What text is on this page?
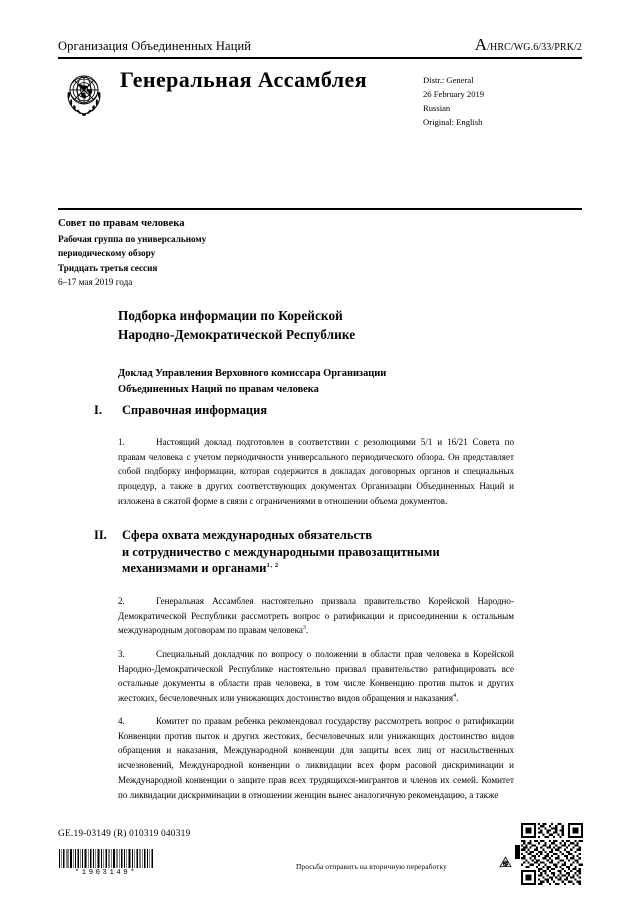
Организация Объединенных Наций	A/HRC/WG.6/33/PRK/2
Генеральная Ассамблея	Distr.: General
26 February 2019
Russian
Original: English
Совет по правам человека
Рабочая группа по универсальному
периодическому обзору
Тридцать третья сессия
6–17 мая 2019 года
Подборка информации по Корейской
Народно-Демократической Республике
Доклад Управления Верховного комиссара Организации
Объединенных Наций по правам человека
I.	Справочная информация
1.	Настоящий доклад подготовлен в соответствии с резолюциями 5/1 и 16/21 Совета по правам человека с учетом периодичности универсального периодического обзора. Он представляет собой подборку информации, которая содержится в докладах договорных органов и специальных процедур, а также в других соответствующих документах Организации Объединенных Наций и изложена в сжатой форме в связи с ограничениями в отношении объема документов.
II.	Сфера охвата международных обязательств
и сотрудничество с международными правозащитными
механизмами и органами$^{1, 2}$
2.	Генеральная Ассамблея настоятельно призвала правительство Корейской Народно-Демократической Республики рассмотреть вопрос о ратификации и присоединении к остальным международным договорам по правам человека$^3$.
3.	Специальный докладчик по вопросу о положении в области прав человека в Корейской Народно-Демократической Республике настоятельно призвал правительство ратифицировать все остальные документы в области прав человека, в том числе Конвенцию против пыток и других жестоких, бесчеловечных или унижающих достоинство видов обращения и наказания$^4$.
4.	Комитет по правам ребенка рекомендовал государству рассмотреть вопрос о ратификации Конвенции против пыток и других жестоких, бесчеловечных или унижающих достоинство видов обращения и наказания, Международной конвенции для защиты всех лиц от насильственных исчезновений, Международной конвенции о ликвидации всех форм расовой дискриминации и Международной конвенции о защите прав всех трудящихся-мигрантов и членов их семей. Комитет по ликвидации дискриминации в отношении женщин вынес аналогичную рекомендацию, а также
GE.19-03149 (R) 010319 040319
*1903149*
Просьба отправить на вторичную переработку
